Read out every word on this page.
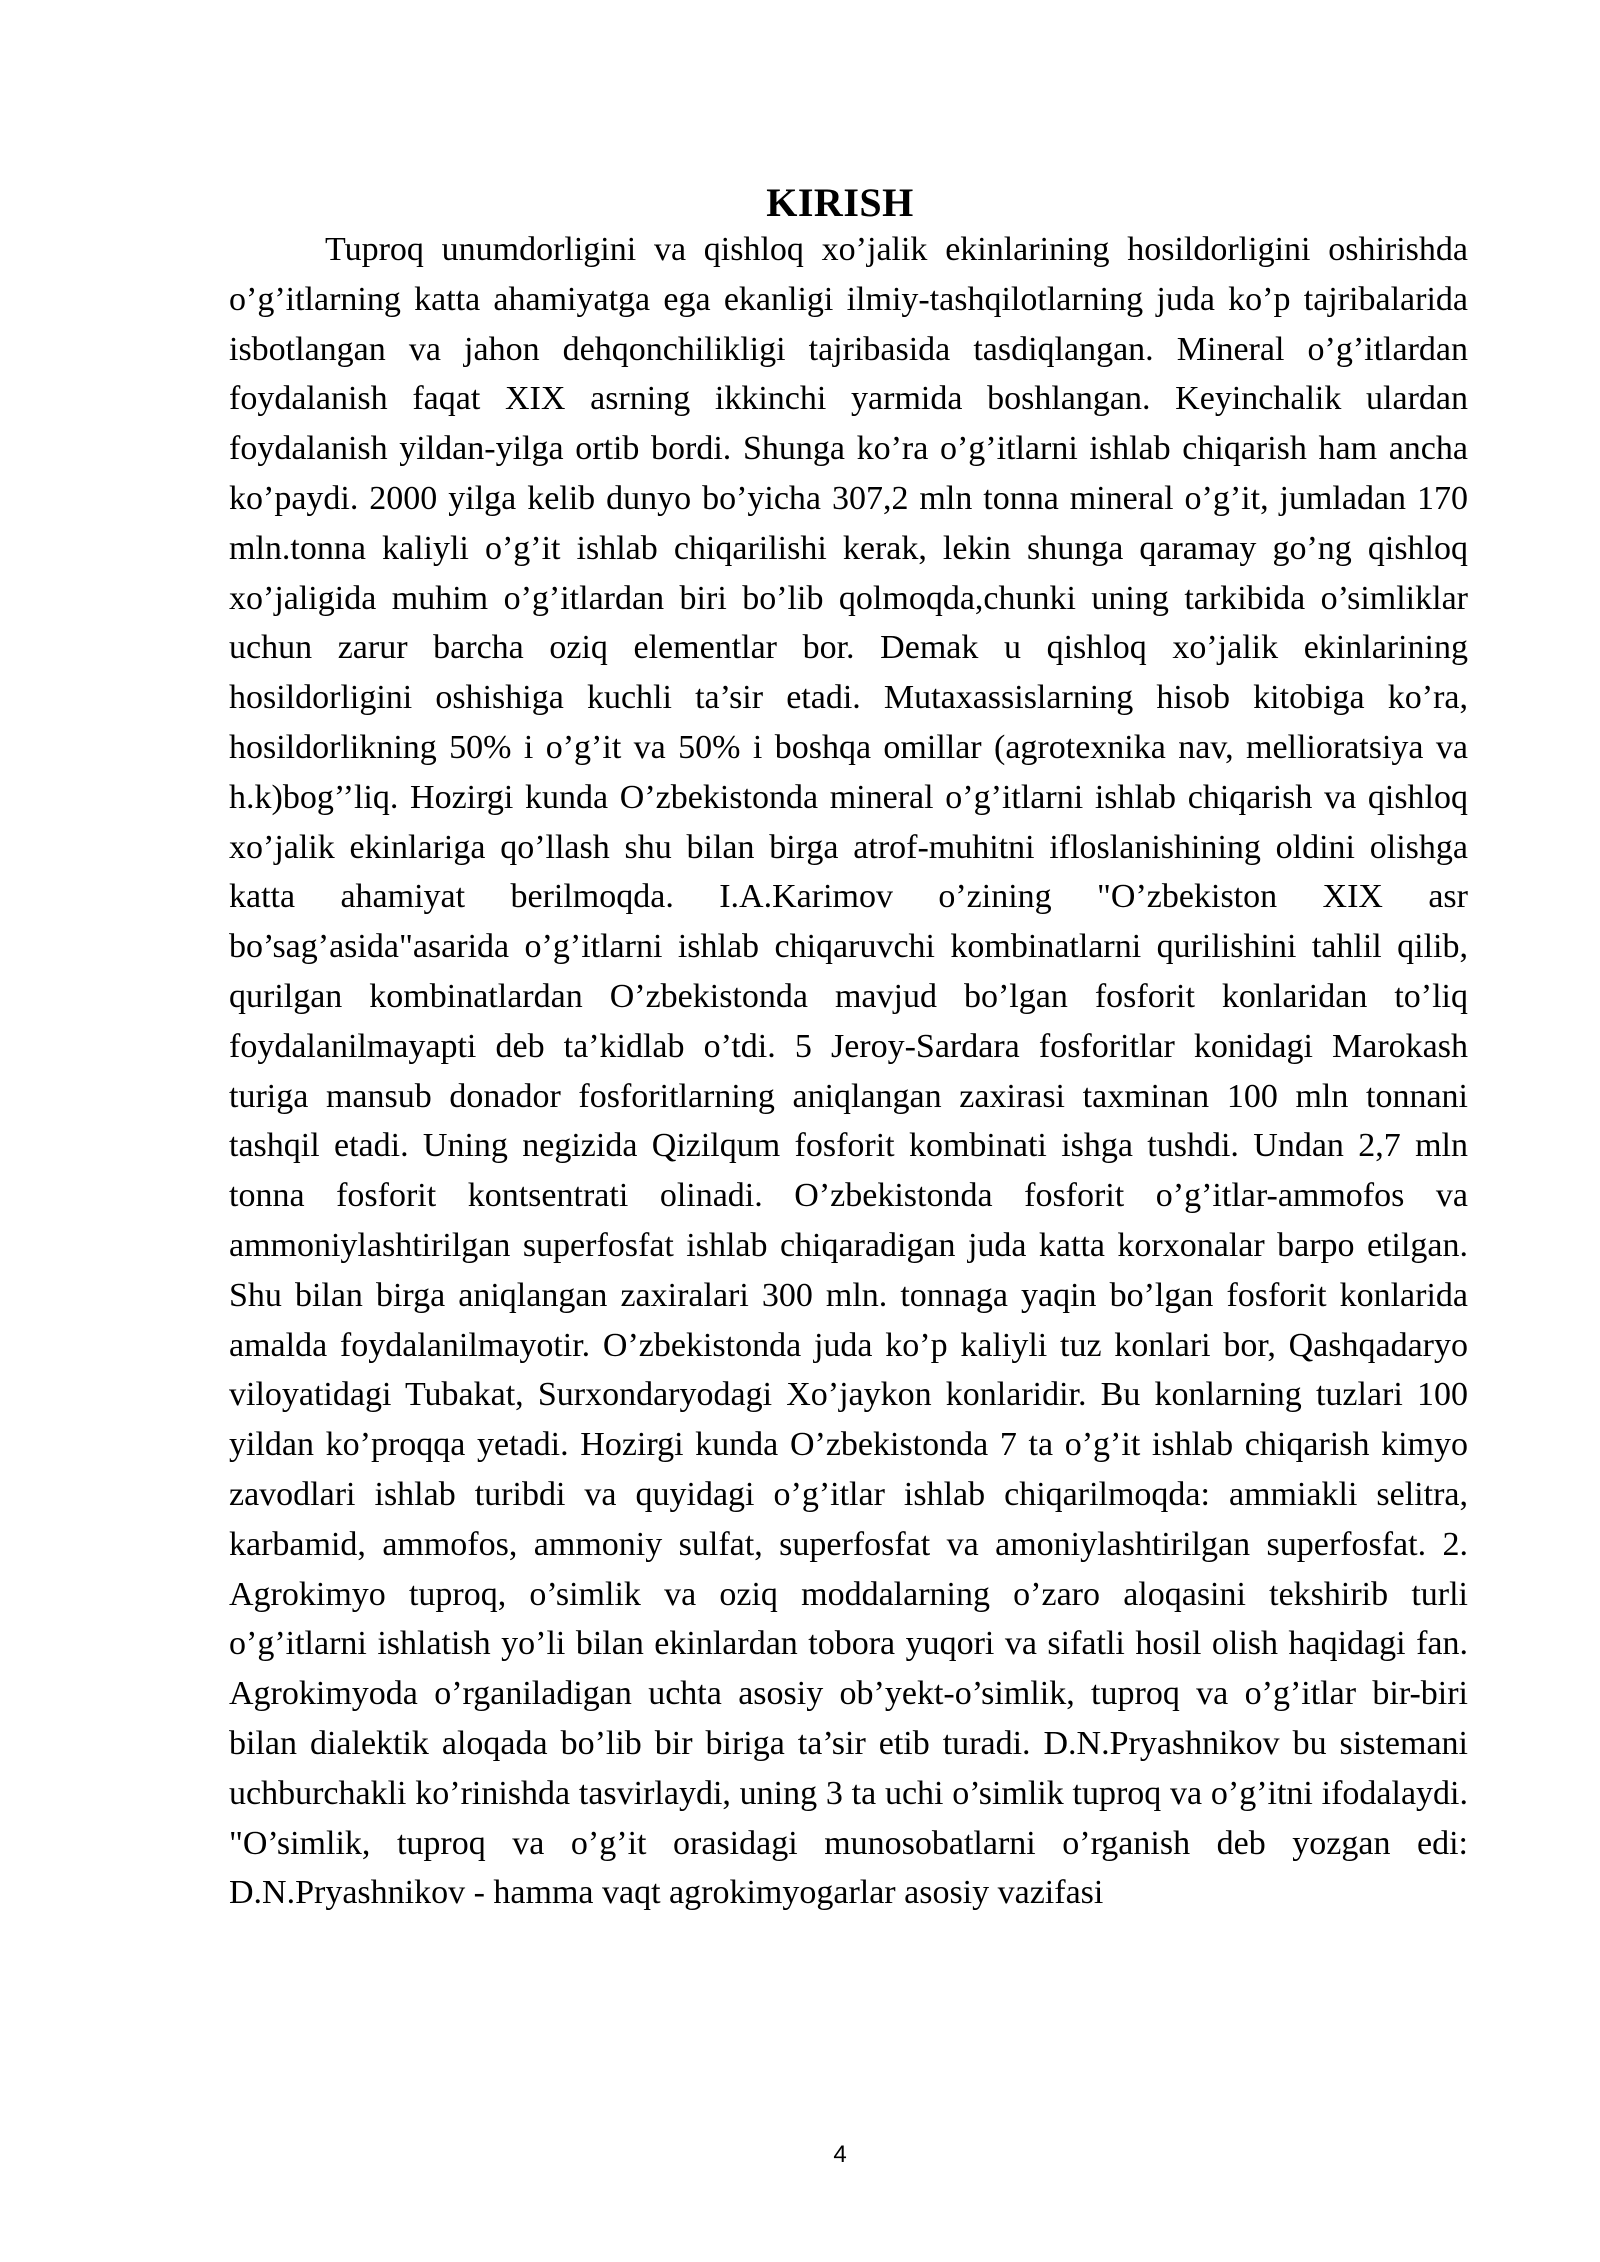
KIRISH

Tuproq unumdorligini va qishloq xo’jalik ekinlarining hosildorligini oshirishda o’g’itlarning katta ahamiyatga ega ekanligi ilmiy-tashqilotlarning juda ko’p tajribalarida isbotlangan va jahon dehqonchilikligi tajribasida tasdiqlangan. Mineral o’g’itlardan foydalanish faqat XIX asrning ikkinchi yarmida boshlangan. Keyinchalik ulardan foydalanish yildan-yilga ortib bordi. Shunga ko’ra o’g’itlarni ishlab chiqarish ham ancha ko’paydi. 2000 yilga kelib dunyo bo’yicha 307,2 mln tonna mineral o’g’it, jumladan 170 mln.tonna kaliyli o’g’it ishlab chiqarilishi kerak, lekin shunga qaramay go’ng qishloq xo’jaligida muhim o’g’itlardan biri bo’lib qolmoqda,chunki uning tarkibida o’simliklar uchun zarur barcha oziq elementlar bor. Demak u qishloq xo’jalik ekinlarining hosildorligini oshishiga kuchli ta’sir etadi. Mutaxassislarning hisob kitobiga ko’ra, hosildorlikning 50% i o’g’it va 50% i boshqa omillar (agrotexnika nav, mellioratsiya va h.k)bog’’liq. Hozirgi kunda O’zbekistonda mineral o’g’itlarni ishlab chiqarish va qishloq xo’jalik ekinlariga qo’llash shu bilan birga atrof-muhitni ifloslanishining oldini olishga katta ahamiyat berilmoqda. I.A.Karimov o’zining "O’zbekiston XIX asr bo’sag’asida"asarida o’g’itlarni ishlab chiqaruvchi kombinatlarni qurilishini tahlil qilib, qurilgan kombinatlardan O’zbekistonda mavjud bo’lgan fosforit konlaridan to’liq foydalanilmayapti deb ta’kidlab o’tdi. 5 Jeroy-Sardara fosforitlar konidagi Marokash turiga mansub donador fosforitlarning aniqlangan zaxirasi taxminan 100 mln tonnani tashqil etadi. Uning negizida Qizilqum fosforit kombinati ishga tushdi. Undan 2,7 mln tonna fosforit kontsentrati olinadi. O’zbekistonda fosforit o’g’itlar-ammofos va ammoniylashtirilgan superfosfat ishlab chiqaradigan juda katta korxonalar barpo etilgan. Shu bilan birga aniqlangan zaxiralari 300 mln. tonnaga yaqin bo’lgan fosforit konlarida amalda foydalanilmayotir. O’zbekistonda juda ko’p kaliyli tuz konlari bor, Qashqadaryo viloyatidagi Tubakat, Surxondaryodagi Xo’jaykon konlaridir. Bu konlarning tuzlari 100 yildan ko’proqqa yetadi. Hozirgi kunda O’zbekistonda 7 ta o’g’it ishlab chiqarish kimyo zavodlari ishlab turibdi va quyidagi o’g’itlar ishlab chiqarilmoqda: ammiakli selitra, karbamid, ammofos, ammoniy sulfat, superfosfat va amoniylashtirilgan superfosfat. 2. Agrokimyo tuproq, o’simlik va oziq moddalarning o’zaro aloqasini tekshirib turli o’g’itlarni ishlatish yo’li bilan ekinlardan tobora yuqori va sifatli hosil olish haqidagi fan. Agrokimyoda o’rganiladigan uchta asosiy ob’yekt-o’simlik, tuproq va o’g’itlar bir-biri bilan dialektik aloqada bo’lib bir biriga ta’sir etib turadi. D.N.Pryashnikov bu sistemani uchburchakli ko’rinishda tasvirlaydi, uning 3 ta uchi o’simlik tuproq va o’g’itni ifodalaydi. "O’simlik, tuproq va o’g’it orasidagi munosobatlarni o’rganish deb yozgan edi: D.N.Pryashnikov - hamma vaqt agrokimyogarlar asosiy vazifasi

4
